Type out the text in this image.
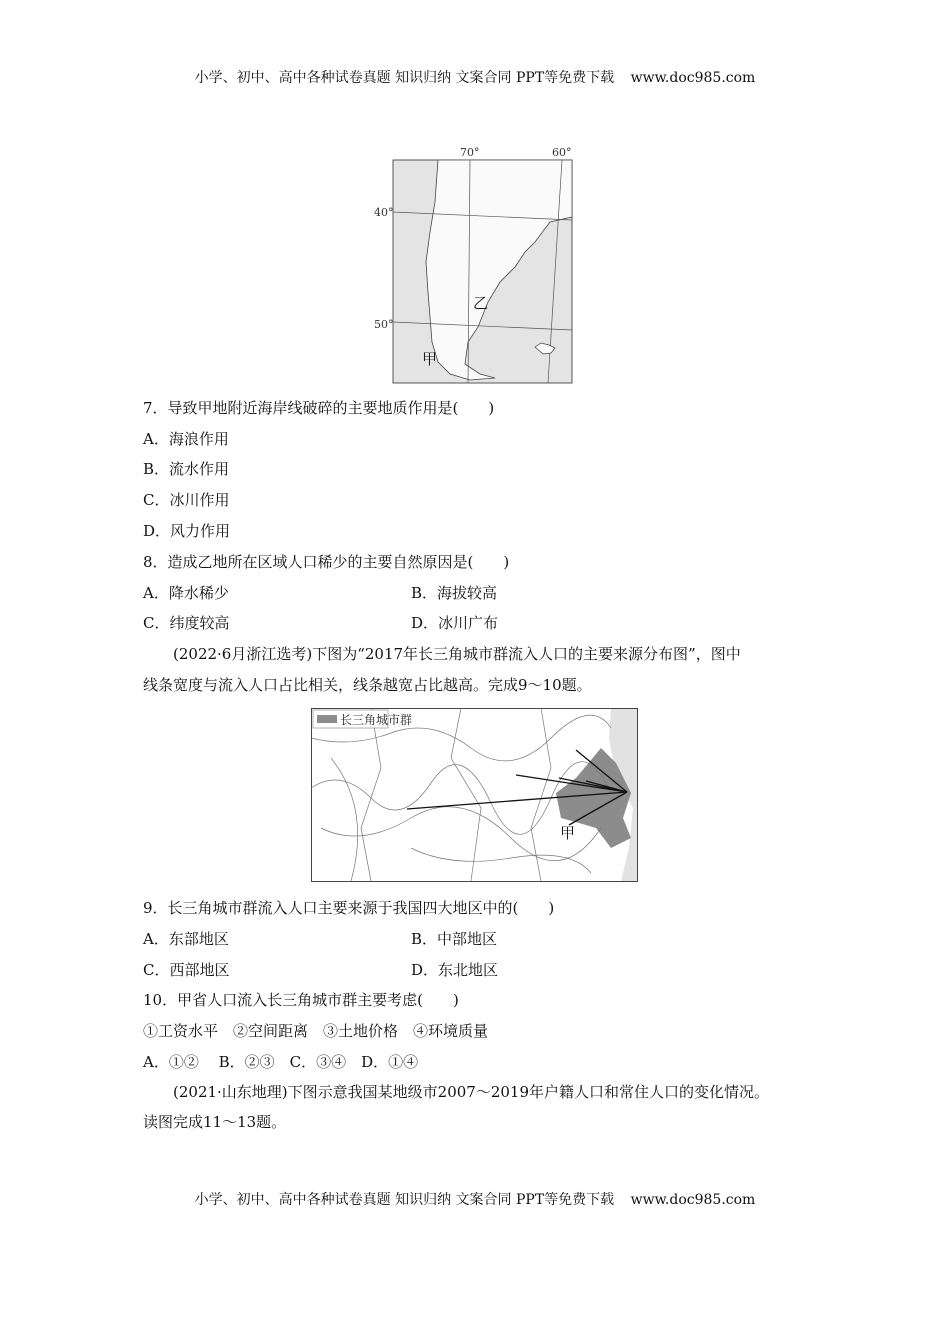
小学、初中、高中各种试卷真题 知识归纳 文案合同 PPT等免费下载 www.doc985.com
70°	60°
40°
50°
甲
乙
7．导致甲地附近海岸线破碎的主要地质作用是(　　)
A．海浪作用
B．流水作用
C．冰川作用
D．风力作用
8．造成乙地所在区域人口稀少的主要自然原因是(　　)
A．降水稀少	B．海拔较高
C．纬度较高	D．冰川广布
(2022·6月浙江选考)下图为“2017年长三角城市群流入人口的主要来源分布图”，图中
线条宽度与流入人口占比相关，线条越宽占比越高。完成9～10题。
长三角城市群
甲
9．长三角城市群流入人口主要来源于我国四大地区中的(　　)
A．东部地区	B．中部地区
C．西部地区	D．东北地区
10．甲省人口流入长三角城市群主要考虑(　　)
①工资水平　②空间距离　③土地价格　④环境质量
A．①②　 B．②③　C．③④　D．①④
(2021·山东地理)下图示意我国某地级市2007～2019年户籍人口和常住人口的变化情况。
读图完成11～13题。
小学、初中、高中各种试卷真题 知识归纳 文案合同 PPT等免费下载 www.doc985.com
